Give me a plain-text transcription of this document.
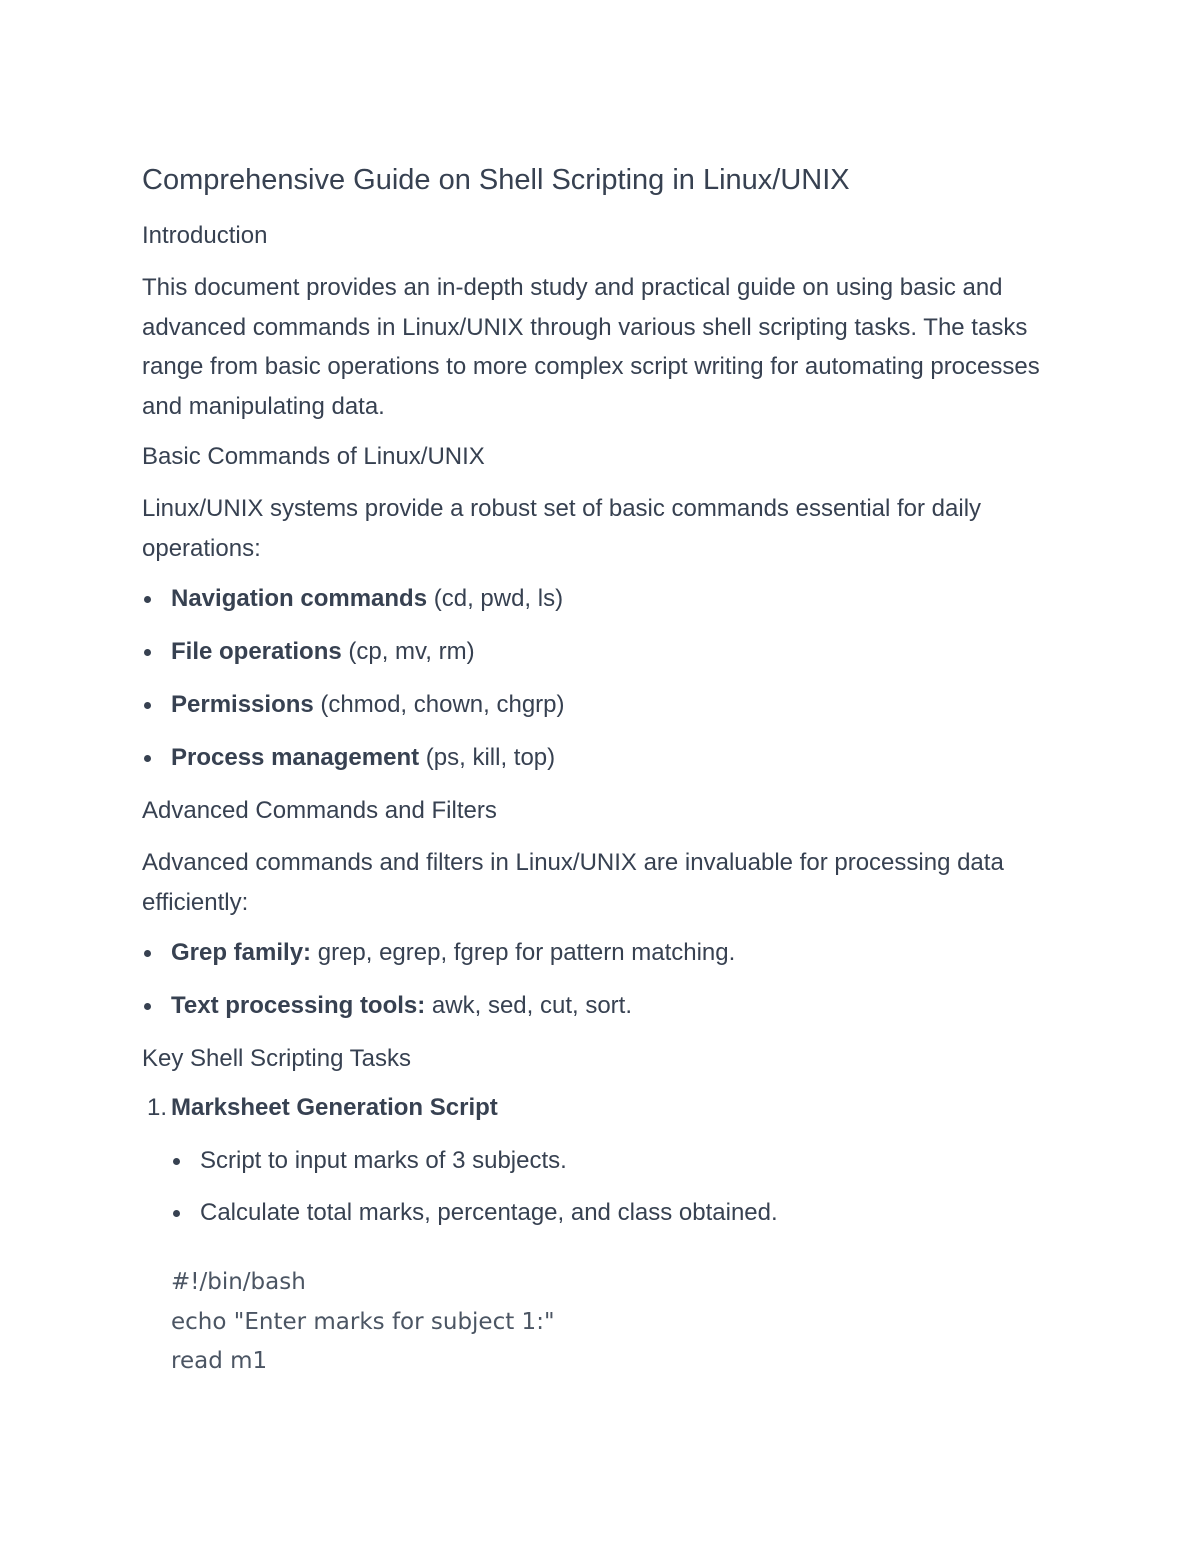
Comprehensive Guide on Shell Scripting in Linux/UNIX
Introduction

This document provides an in-depth study and practical guide on using basic and advanced commands in Linux/UNIX through various shell scripting tasks. The tasks range from basic operations to more complex script writing for automating processes and manipulating data.

Basic Commands of Linux/UNIX

Linux/UNIX systems provide a robust set of basic commands essential for daily operations:

Navigation commands (cd, pwd, ls)
File operations (cp, mv, rm)
Permissions (chmod, chown, chgrp)
Process management (ps, kill, top)
Advanced Commands and Filters

Advanced commands and filters in Linux/UNIX are invaluable for processing data efficiently:

Grep family: grep, egrep, fgrep for pattern matching.
Text processing tools: awk, sed, cut, sort.
Key Shell Scripting Tasks
1. Marksheet Generation Script
Script to input marks of 3 subjects.
Calculate total marks, percentage, and class obtained.
#!/bin/bash
echo "Enter marks for subject 1:"
read m1
